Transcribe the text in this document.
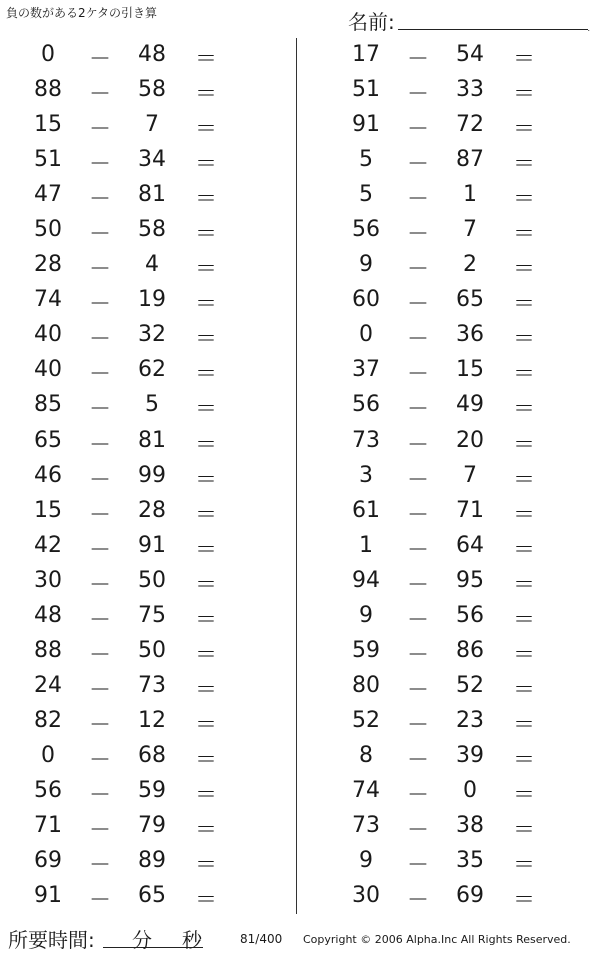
負の数がある2ケタの引き算	名前:	.
0	－	48	＝
88	－	58	＝
15	－	7	＝
51	－	34	＝
47	－	81	＝
50	－	58	＝
28	－	4	＝
74	－	19	＝
40	－	32	＝
40	－	62	＝
85	－	5	＝
65	－	81	＝
46	－	99	＝
15	－	28	＝
42	－	91	＝
30	－	50	＝
48	－	75	＝
88	－	50	＝
24	－	73	＝
82	－	12	＝
0	－	68	＝
56	－	59	＝
71	－	79	＝
69	－	89	＝
91	－	65	＝
17	－	54	＝
51	－	33	＝
91	－	72	＝
5	－	87	＝
5	－	1	＝
56	－	7	＝
9	－	2	＝
60	－	65	＝
0	－	36	＝
37	－	15	＝
56	－	49	＝
73	－	20	＝
3	－	7	＝
61	－	71	＝
1	－	64	＝
94	－	95	＝
9	－	56	＝
59	－	86	＝
80	－	52	＝
52	－	23	＝
8	－	39	＝
74	－	0	＝
73	－	38	＝
9	－	35	＝
30	－	69	＝
所要時間: 分 秒	81/400 Copyright © 2006 Alpha.Inc All Rights Reserved.
